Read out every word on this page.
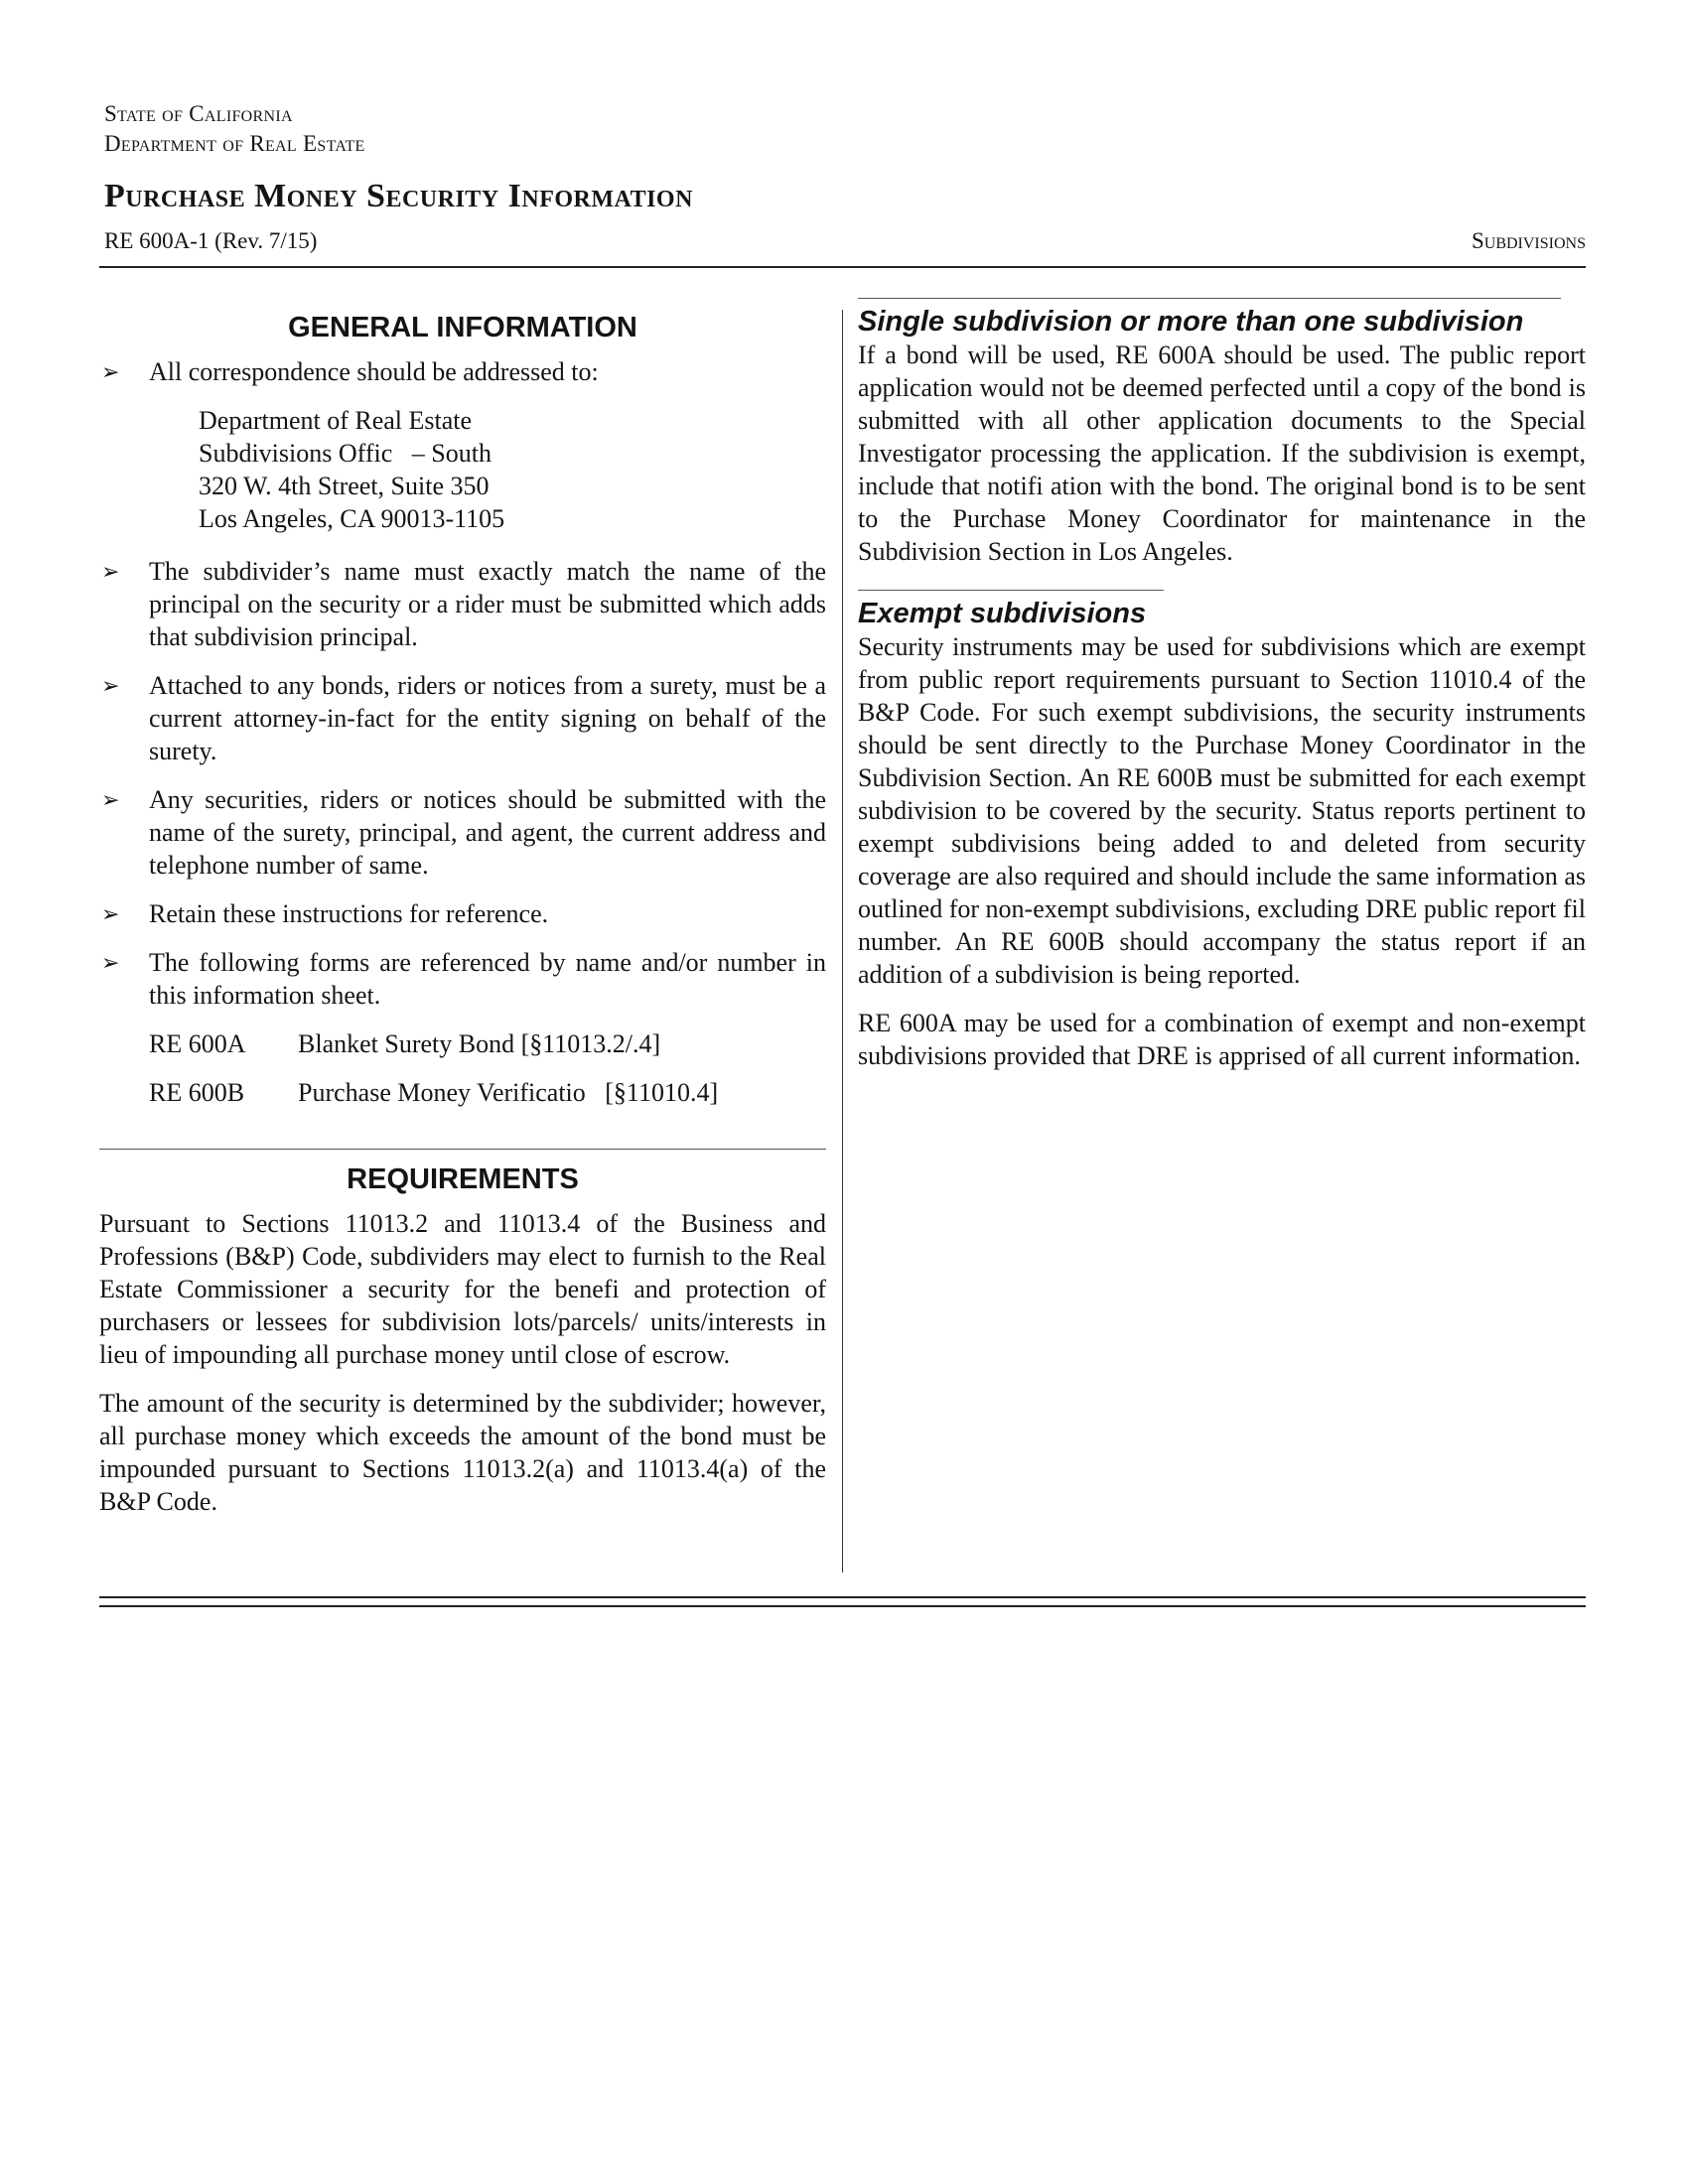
State of California
Department of Real Estate
Purchase Money Security Information
RE 600A-1 (Rev. 7/15)	Subdivisions
GENERAL INFORMATION
➢ All correspondence should be addressed to:
Department of Real Estate
Subdivisions Offic   – South
320 W. 4th Street, Suite 350
Los Angeles, CA 90013-1105
➢ The subdivider’s name must exactly match the name of the principal on the security or a rider must be submitted which adds that subdivision principal.
➢ Attached to any bonds, riders or notices from a surety, must be a current attorney-in-fact for the entity signing on behalf of the surety.
➢ Any securities, riders or notices should be submitted with the name of the surety, principal, and agent, the current address and telephone number of same.
➢ Retain these instructions for reference.
➢ The following forms are referenced by name and/or number in this information sheet.
RE 600A	Blanket Surety Bond [§11013.2/.4]
RE 600B	Purchase Money Verificatio   [§11010.4]
REQUIREMENTS

Pursuant to Sections 11013.2 and 11013.4 of the Business and Professions (B&P) Code, subdividers may elect to furnish to the Real Estate Commissioner a security for the benefi and protection of purchasers or lessees for subdivision lots/parcels/ units/interests in lieu of impounding all purchase money until close of escrow.

The amount of the security is determined by the subdivider; however, all purchase money which exceeds the amount of the bond must be impounded pursuant to Sections 11013.2(a) and 11013.4(a) of the B&P Code.

Single subdivision or more than one subdivision

If a bond will be used, RE 600A should be used. The public report application would not be deemed perfected until a copy of the bond is submitted with all other application documents to the Special Investigator processing the application. If the subdivision is exempt, include that notifi ation with the bond. The original bond is to be sent to the Purchase Money Coordinator for maintenance in the Subdivision Section in Los Angeles.

Exempt subdivisions

Security instruments may be used for subdivisions which are exempt from public report requirements pursuant to Section 11010.4 of the B&P Code. For such exempt subdivisions, the security instruments should be sent directly to the Purchase Money Coordinator in the Subdivision Section. An RE 600B must be submitted for each exempt subdivision to be covered by the security. Status reports pertinent to exempt subdivisions being added to and deleted from security coverage are also required and should include the same information as outlined for non-exempt subdivisions, excluding DRE public report fil number. An RE 600B should accompany the status report if an addition of a subdivision is being reported.

RE 600A may be used for a combination of exempt and non-exempt subdivisions provided that DRE is apprised of all current information.
